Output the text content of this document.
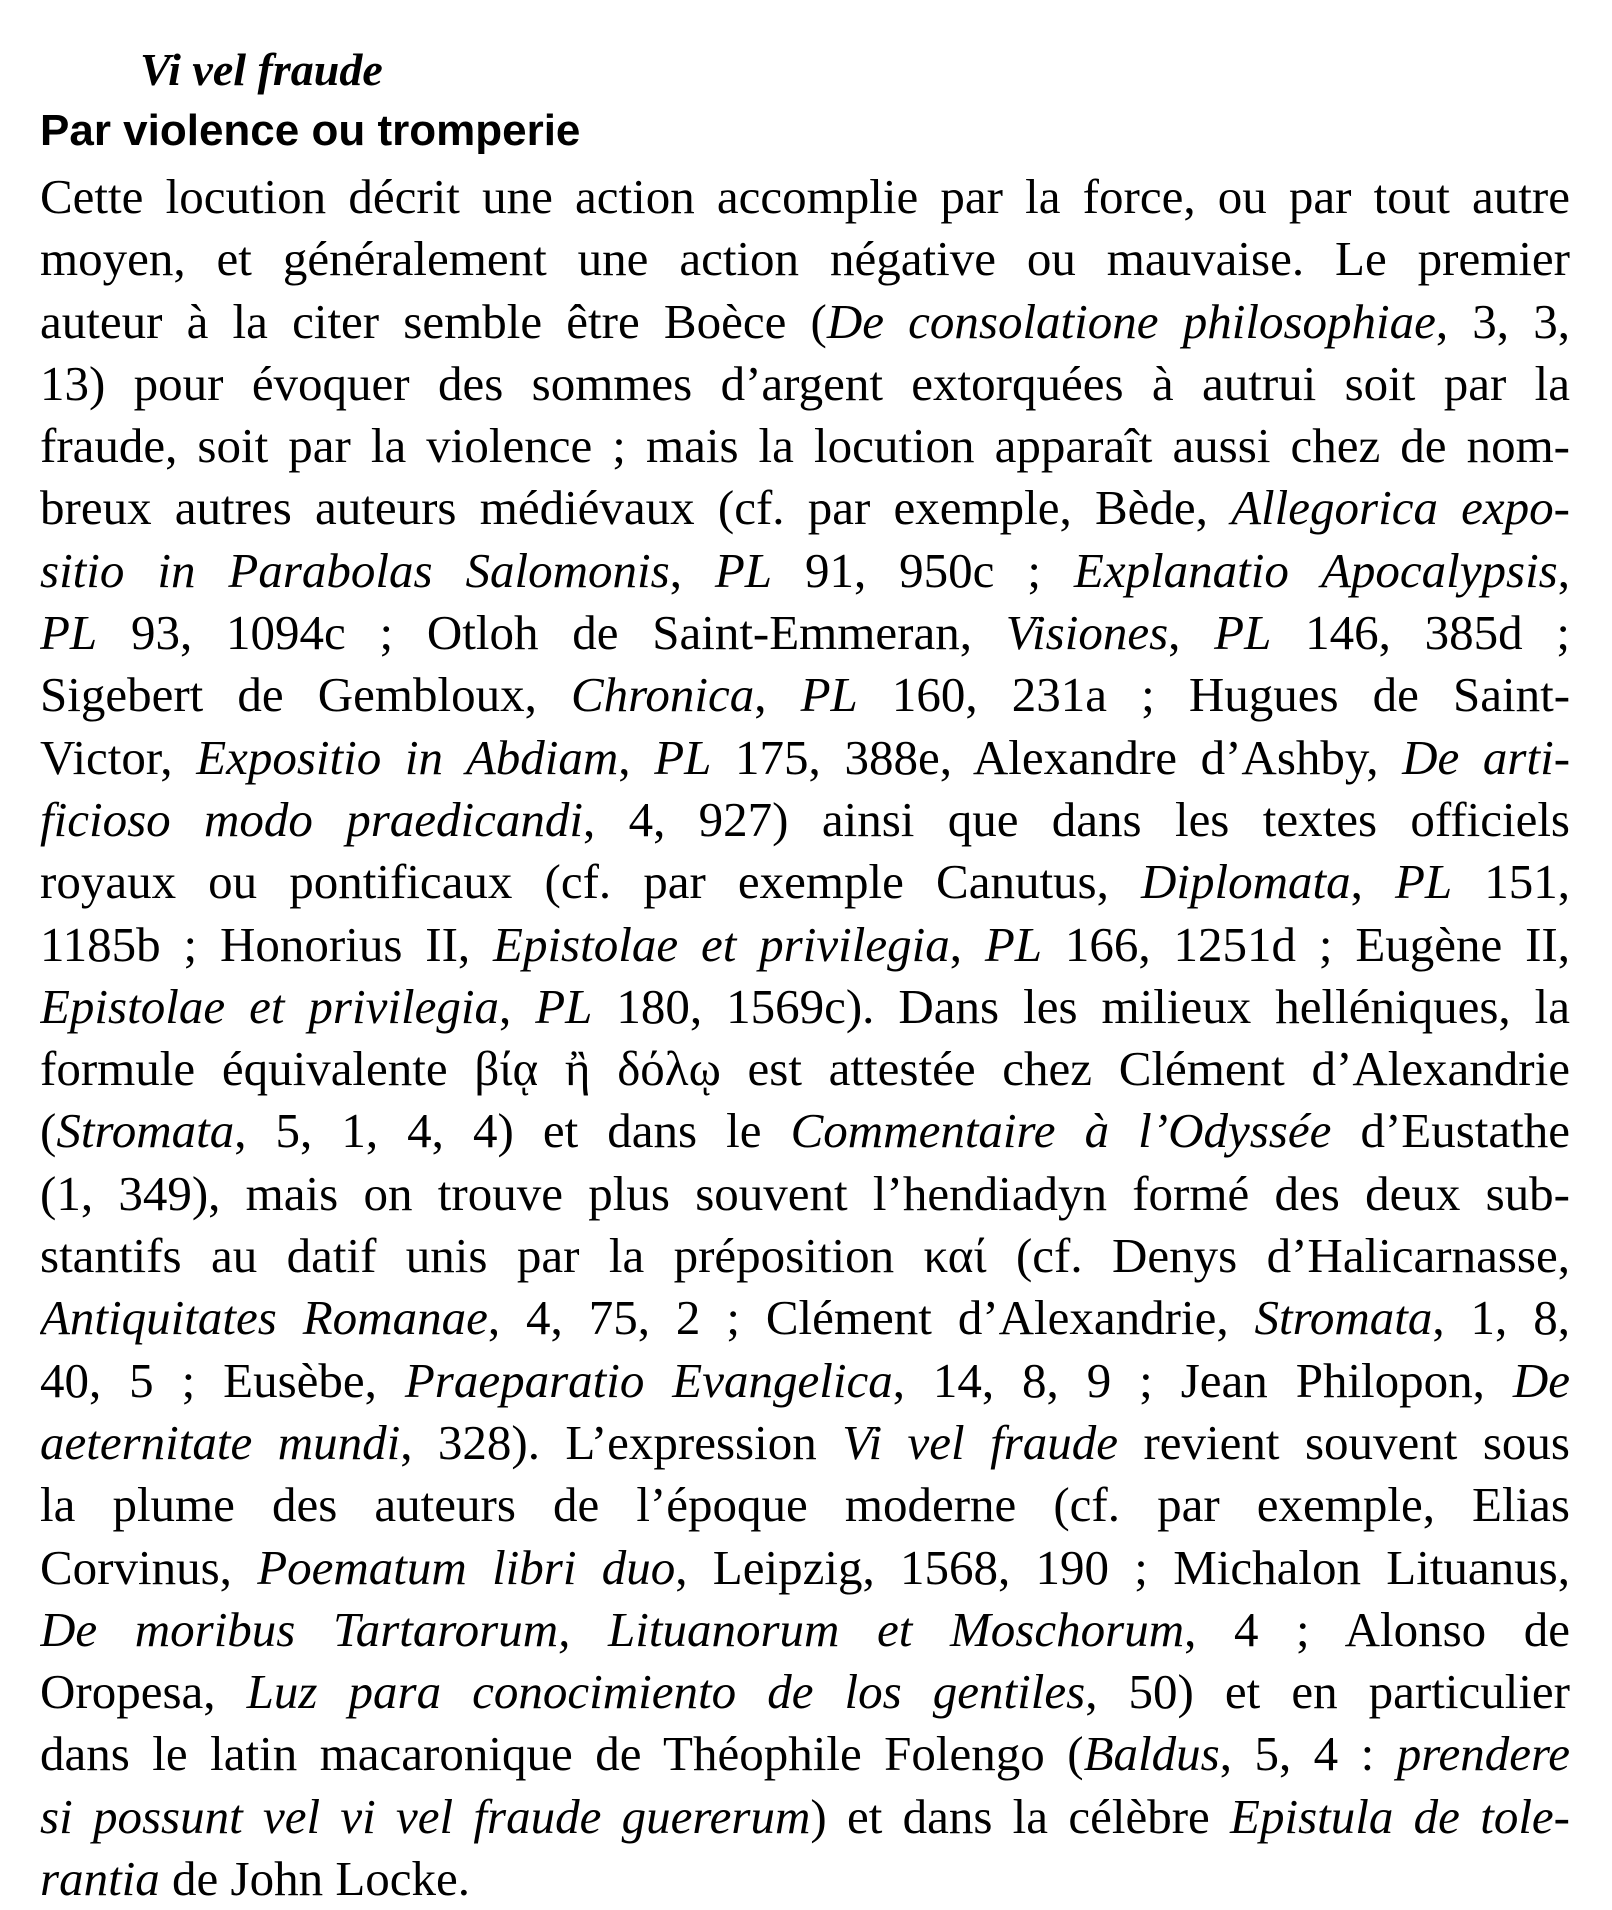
Vi vel fraude
Par violence ou tromperie
Cette locution décrit une action accomplie par la force, ou par tout autre
moyen, et généralement une action négative ou mauvaise. Le premier
auteur à la citer semble être Boèce (De consolatione philosophiae, 3, 3,
13) pour évoquer des sommes d’argent extorquées à autrui soit par la
fraude, soit par la violence ; mais la locution apparaît aussi chez de nom-
breux autres auteurs médiévaux (cf. par exemple, Bède, Allegorica expo-
sitio in Parabolas Salomonis, PL 91, 950c ; Explanatio Apocalypsis,
PL 93, 1094c ; Otloh de Saint-Emmeran, Visiones, PL 146, 385d ;
Sigebert de Gembloux, Chronica, PL 160, 231a ; Hugues de Saint-
Victor, Expositio in Abdiam, PL 175, 388e, Alexandre d’Ashby, De arti-
ficioso modo praedicandi, 4, 927) ainsi que dans les textes officiels
royaux ou pontificaux (cf. par exemple Canutus, Diplomata, PL 151,
1185b ; Honorius II, Epistolae et privilegia, PL 166, 1251d ; Eugène II,
Epistolae et privilegia, PL 180, 1569c). Dans les milieux helléniques, la
formule équivalente βίᾳ ἢ δόλῳ est attestée chez Clément d’Alexandrie
(Stromata, 5, 1, 4, 4) et dans le Commentaire à l’Odyssée d’Eustathe
(1, 349), mais on trouve plus souvent l’hendiadyn formé des deux sub-
stantifs au datif unis par la préposition καί (cf. Denys d’Halicarnasse,
Antiquitates Romanae, 4, 75, 2 ; Clément d’Alexandrie, Stromata, 1, 8,
40, 5 ; Eusèbe, Praeparatio Evangelica, 14, 8, 9 ; Jean Philopon, De
aeternitate mundi, 328). L’expression Vi vel fraude revient souvent sous
la plume des auteurs de l’époque moderne (cf. par exemple, Elias
Corvinus, Poematum libri duo, Leipzig, 1568, 190 ; Michalon Lituanus,
De moribus Tartarorum, Lituanorum et Moschorum, 4 ; Alonso de
Oropesa, Luz para conocimiento de los gentiles, 50) et en particulier
dans le latin macaronique de Théophile Folengo (Baldus, 5, 4 : prendere
si possunt vel vi vel fraude guererum) et dans la célèbre Epistula de tole-
rantia de John Locke.
